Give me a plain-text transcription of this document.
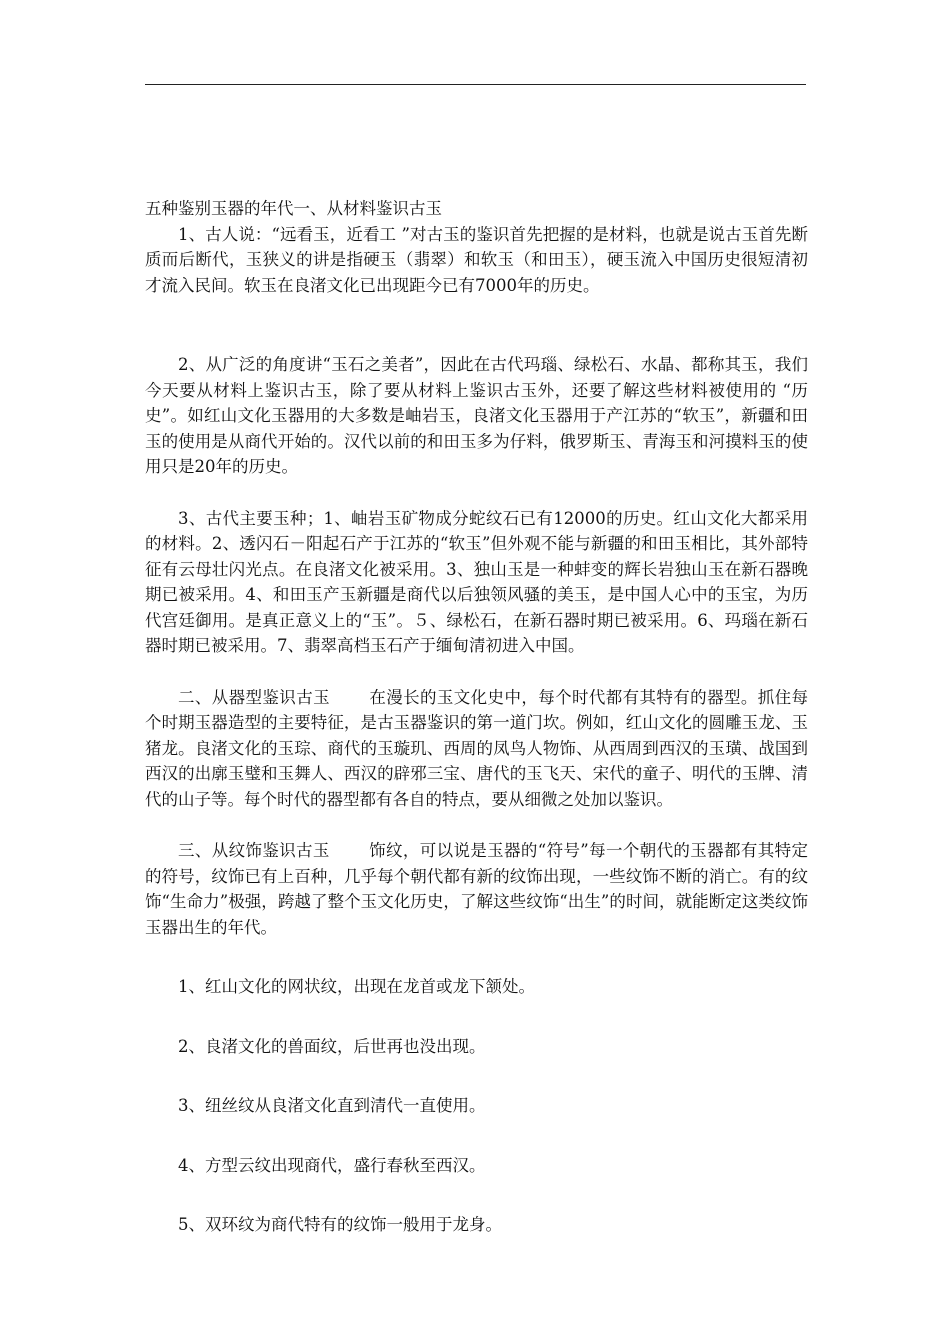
五种鉴别玉器的年代一、从材料鉴识古玉

1、古人说：“远看玉，近看工 ”对古玉的鉴识首先把握的是材料，也就是说古玉首先断质而后断代，玉狭义的讲是指硬玉（翡翠）和软玉（和田玉），硬玉流入中国历史很短清初才流入民间。软玉在良渚文化已出现距今已有7000年的历史。

2、从广泛的角度讲“玉石之美者”，因此在古代玛瑙、绿松石、水晶、都称其玉，我们今天要从材料上鉴识古玉，除了要从材料上鉴识古玉外，还要了解这些材料被使用的 “历史”。如红山文化玉器用的大多数是岫岩玉，良渚文化玉器用于产江苏的“软玉”，新疆和田玉的使用是从商代开始的。汉代以前的和田玉多为仔料，俄罗斯玉、青海玉和河摸料玉的使用只是20年的历史。

3、古代主要玉种；1、岫岩玉矿物成分蛇纹石已有12000的历史。红山文化大都采用的材料。2、透闪石－阳起石产于江苏的“软玉”但外观不能与新疆的和田玉相比，其外部特征有云母壮闪光点。在良渚文化被采用。3、独山玉是一种蚌变的辉长岩独山玉在新石器晚期已被采用。4、和田玉产玉新疆是商代以后独领风骚的美玉，是中国人心中的玉宝，为历代宫廷御用。是真正意义上的“玉”。５、绿松石，在新石器时期已被采用。6、玛瑙在新石器时期已被采用。7、翡翠高档玉石产于缅甸清初进入中国。

二、从器型鉴识古玉　　 在漫长的玉文化史中，每个时代都有其特有的器型。抓住每个时期玉器造型的主要特征，是古玉器鉴识的第一道门坎。例如，红山文化的圆雕玉龙、玉猪龙。良渚文化的玉琮、商代的玉璇玑、西周的凤鸟人物饰、从西周到西汉的玉璜、战国到西汉的出廓玉璧和玉舞人、西汉的辟邪三宝、唐代的玉飞天、宋代的童子、明代的玉牌、清代的山子等。每个时代的器型都有各自的特点，要从细微之处加以鉴识。

三、从纹饰鉴识古玉　　 饰纹，可以说是玉器的“符号”每一个朝代的玉器都有其特定的符号，纹饰已有上百种，几乎每个朝代都有新的纹饰出现，一些纹饰不断的消亡。有的纹饰“生命力”极强，跨越了整个玉文化历史，了解这些纹饰“出生”的时间，就能断定这类纹饰玉器出生的年代。

1、红山文化的网状纹，出现在龙首或龙下颔处。

2、良渚文化的兽面纹，后世再也没出现。

3、纽丝纹从良渚文化直到清代一直使用。

4、方型云纹出现商代，盛行春秋至西汉。

5、双环纹为商代特有的纹饰一般用于龙身。
